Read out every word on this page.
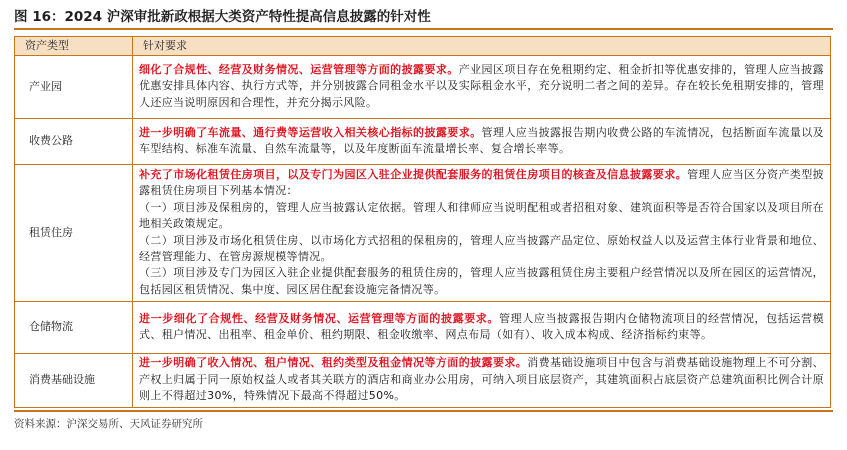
图 16：2024 沪深审批新政根据大类资产特性提高信息披露的针对性
资产类型	针对要求
产业园	细化了合规性、经营及财务情况、运营管理等方面的披露要求。产业园区项目存在免租期约定、租金折扣等优惠安排的，管理人应当披露优惠安排具体内容、执行方式等，并分别披露合同租金水平以及实际租金水平，充分说明二者之间的差异。存在较长免租期安排的，管理人还应当说明原因和合理性，并充分揭示风险。
收费公路	进一步明确了车流量、通行费等运营收入相关核心指标的披露要求。管理人应当披露报告期内收费公路的车流情况，包括断面车流量以及车型结构、标准车流量、自然车流量等，以及年度断面车流量增长率、复合增长率等。
租赁住房	补充了市场化租赁住房项目，以及专门为园区入驻企业提供配套服务的租赁住房项目的核查及信息披露要求。管理人应当区分资产类型披露租赁住房项目下列基本情况：
（一）项目涉及保租房的，管理人应当披露认定依据。管理人和律师应当说明配租或者招租对象、建筑面积等是否符合国家以及项目所在地相关政策规定。
（二）项目涉及市场化租赁住房、以市场化方式招租的保租房的，管理人应当披露产品定位、原始权益人以及运营主体行业背景和地位、经营管理能力、在管房源规模等情况。
（三）项目涉及专门为园区入驻企业提供配套服务的租赁住房的，管理人应当披露租赁住房主要租户经营情况以及所在园区的运营情况，包括园区租赁情况、集中度、园区居住配套设施完备情况等。

仓储物流	进一步细化了合规性、经营及财务情况、运营管理等方面的披露要求。管理人应当披露报告期内仓储物流项目的经营情况，包括运营模式、租户情况、出租率、租金单价、租约期限、租金收缴率、网点布局（如有）、收入成本构成、经济指标约束等。
消费基础设施	进一步明确了收入情况、租户情况、租约类型及租金情况等方面的披露要求。消费基础设施项目中包含与消费基础设施物理上不可分割、产权上归属于同一原始权益人或者其关联方的酒店和商业办公用房，可纳入项目底层资产，其建筑面积占底层资产总建筑面积比例合计原则上不得超过30%，特殊情况下最高不得超过50%。
资料来源：沪深交易所、天风证券研究所
